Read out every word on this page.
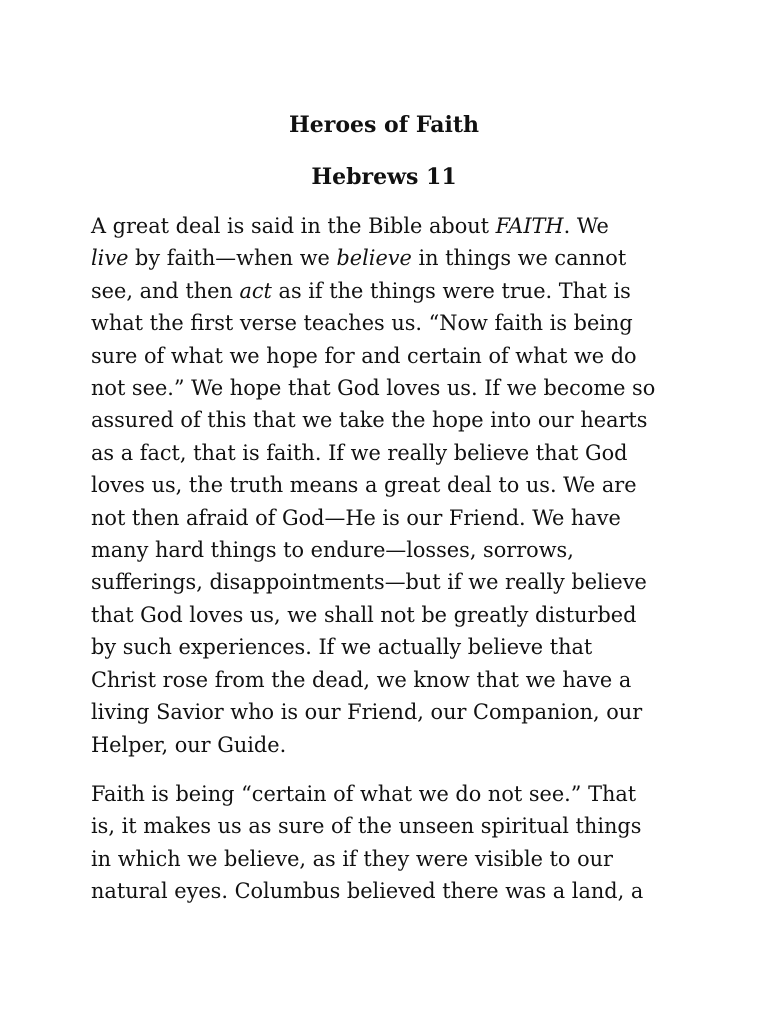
Heroes of Faith
Hebrews 11

A great deal is said in the Bible about FAITH. We
live by faith—when we believe in things we cannot
see, and then act as if the things were true. That is
what the first verse teaches us. “Now faith is being
sure of what we hope for and certain of what we do
not see.” We hope that God loves us. If we become so
assured of this that we take the hope into our hearts
as a fact, that is faith. If we really believe that God
loves us, the truth means a great deal to us. We are
not then afraid of God—He is our Friend. We have
many hard things to endure—losses, sorrows,
sufferings, disappointments—but if we really believe
that God loves us, we shall not be greatly disturbed
by such experiences. If we actually believe that
Christ rose from the dead, we know that we have a
living Savior who is our Friend, our Companion, our
Helper, our Guide.

Faith is being “certain of what we do not see.” That
is, it makes us as sure of the unseen spiritual things
in which we believe, as if they were visible to our
natural eyes. Columbus believed there was a land, a
